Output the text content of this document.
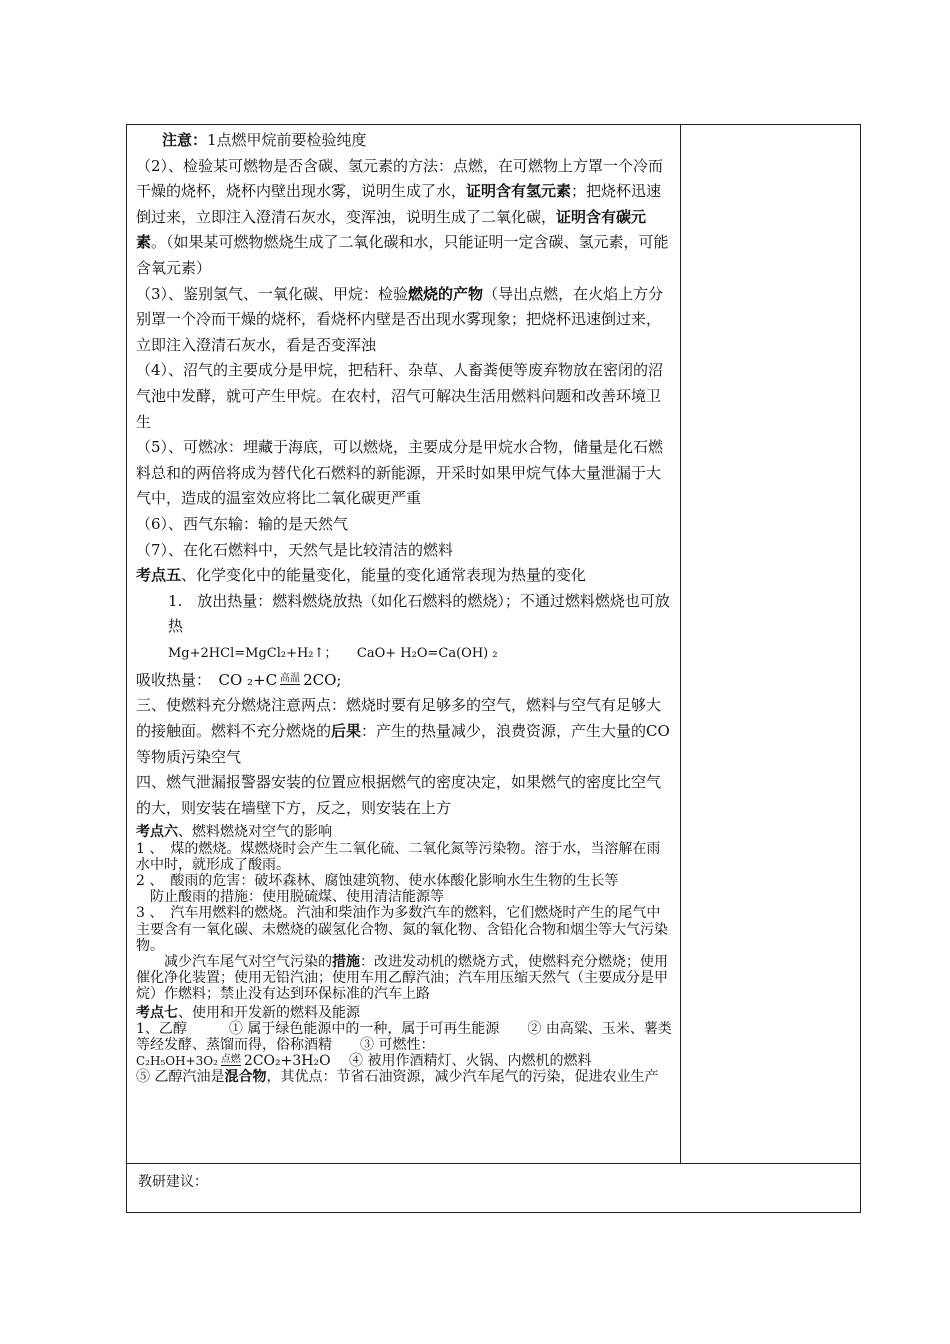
注意：1点燃甲烷前要检验纯度

（2）、检验某可燃物是否含碳、氢元素的方法：点燃，在可燃物上方罩一个冷而干燥的烧杯，烧杯内壁出现水雾，说明生成了水，证明含有氢元素；把烧杯迅速倒过来，立即注入澄清石灰水，变浑浊，说明生成了二氧化碳，证明含有碳元素。（如果某可燃物燃烧生成了二氧化碳和水，只能证明一定含碳、氢元素，可能含氧元素）

（3）、鉴别氢气、一氧化碳、甲烷：检验燃烧的产物（导出点燃，在火焰上方分别罩一个冷而干燥的烧杯，看烧杯内壁是否出现水雾现象；把烧杯迅速倒过来，立即注入澄清石灰水，看是否变浑浊

（4）、沼气的主要成分是甲烷，把秸秆、杂草、人畜粪便等废弃物放在密闭的沼气池中发酵，就可产生甲烷。在农村，沼气可解决生活用燃料问题和改善环境卫生

（5）、可燃冰：埋藏于海底，可以燃烧，主要成分是甲烷水合物，储量是化石燃料总和的两倍将成为替代化石燃料的新能源，开采时如果甲烷气体大量泄漏于大气中，造成的温室效应将比二氧化碳更严重

（6）、西气东输：输的是天然气

（7）、在化石燃料中，天然气是比较清洁的燃料

考点五、化学变化中的能量变化，能量的变化通常表现为热量的变化

1.　放出热量：燃料燃烧放热（如化石燃料的燃烧）；不通过燃料燃烧也可放热

Mg+2HCl=MgCl₂+H₂↑；　　CaO+ H₂O=Ca(OH) ₂

吸收热量：　CO ₂+C 高温 2CO;

三、使燃料充分燃烧注意两点：燃烧时要有足够多的空气，燃料与空气有足够大的接触面。燃料不充分燃烧的后果：产生的热量减少，浪费资源，产生大量的CO等物质污染空气

四、燃气泄漏报警器安装的位置应根据燃气的密度决定，如果燃气的密度比空气的大，则安装在墙壁下方，反之，则安装在上方

考点六、燃料燃烧对空气的影响

1 、　煤的燃烧。煤燃烧时会产生二氧化硫、二氧化氮等污染物。溶于水，当溶解在雨水中时，就形成了酸雨。

2 、　酸雨的危害：破坏森林、腐蚀建筑物、使水体酸化影响水生生物的生长等

防止酸雨的措施：使用脱硫煤、使用清洁能源等

3 、　汽车用燃料的燃烧。汽油和柴油作为多数汽车的燃料，它们燃烧时产生的尾气中主要含有一氧化碳、未燃烧的碳氢化合物、氮的氧化物、含铅化合物和烟尘等大气污染物。

减少汽车尾气对空气污染的措施：改进发动机的燃烧方式，使燃料充分燃烧；使用催化净化装置；使用无铅汽油；使用车用乙醇汽油；汽车用压缩天然气（主要成分是甲烷）作燃料；禁止没有达到环保标准的汽车上路

考点七、使用和开发新的燃料及能源

1、乙醇　　　① 属于绿色能源中的一种，属于可再生能源　　② 由高粱、玉米、薯类等经发酵、蒸馏而得，俗称酒精　　③ 可燃性：

C₂H₅OH+3O₂ 点燃 2CO₂+3H₂O　 ④ 被用作酒精灯、火锅、内燃机的燃料

⑤ 乙醇汽油是混合物，其优点：节省石油资源，减少汽车尾气的污染，促进农业生产

教研建议：
